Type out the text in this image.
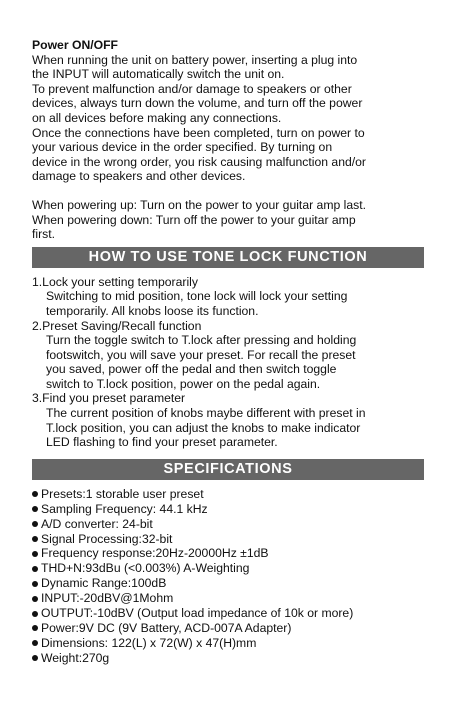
Power ON/OFF
When running the unit on battery power, inserting a plug into
the INPUT will automatically switch the unit on.
To prevent malfunction and/or damage to speakers or other
devices, always turn down the volume, and turn off the power
on all devices before making any connections.
Once the connections have been completed, turn on power to
your various device in the order specified. By turning on
device in the wrong order, you risk causing malfunction and/or
damage to speakers and other devices.
When powering up: Turn on the power to your guitar amp last.
When powering down: Turn off the power to your guitar amp
first.
HOW TO USE TONE LOCK FUNCTION
1.Lock your setting temporarily
Switching to mid position, tone lock will lock your setting
temporarily. All knobs loose its function.
2.Preset Saving/Recall function
Turn the toggle switch to T.lock after pressing and holding
footswitch, you will save your preset. For recall the preset
you saved, power off the pedal and then switch toggle
switch to T.lock position, power on the pedal again.
3.Find you preset parameter
The current position of knobs maybe different with preset in
T.lock position, you can adjust the knobs to make indicator
LED flashing to find your preset parameter.
SPECIFICATIONS
Presets:1 storable user preset
Sampling Frequency: 44.1 kHz
A/D converter: 24-bit
Signal Processing:32-bit
Frequency response:20Hz-20000Hz ±1dB
THD+N:93dBu (<0.003%) A-Weighting
Dynamic Range:100dB
INPUT:-20dBV@1Mohm
OUTPUT:-10dBV (Output load impedance of 10k or more)
Power:9V DC (9V Battery, ACD-007A Adapter)
Dimensions: 122(L) x 72(W) x 47(H)mm
Weight:270g
